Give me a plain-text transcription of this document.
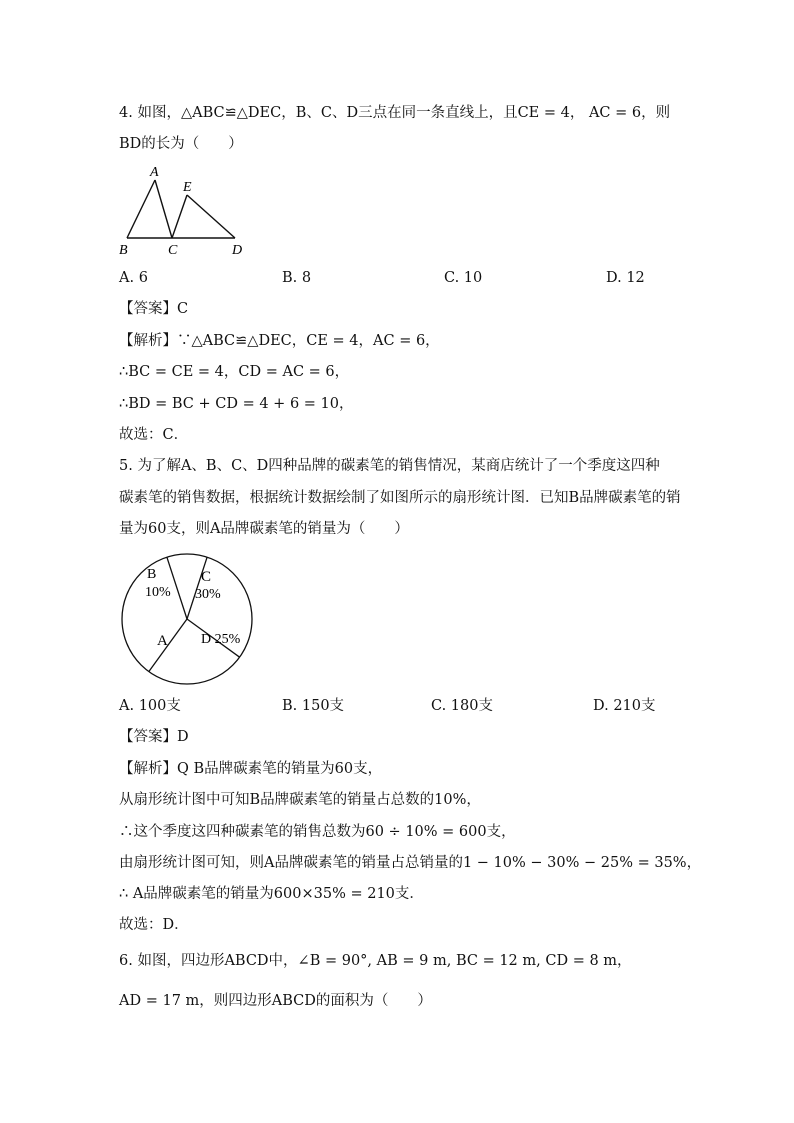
4. 如图，△ABC≌△DEC，B、C、D三点在同一条直线上，且CE = 4， AC = 6，则
BD的长为（　　）
A
E
B	C	D
A. 6	B. 8	C. 10	D. 12
【答案】C
【解析】∵△ABC≌△DEC，CE = 4，AC = 6，
∴BC = CE = 4，CD = AC = 6，
∴BD = BC + CD = 4 + 6 = 10，
故选：C．
5. 为了解A、B、C、D四种品牌的碳素笔的销售情况，某商店统计了一个季度这四种
碳素笔的销售数据，根据统计数据绘制了如图所示的扇形统计图．已知B品牌碳素笔的销
量为60支，则A品牌碳素笔的销量为（　　）
B
10%
C
30%
A D 25%
A. 100支	B. 150支	C. 180支	D. 210支
【答案】D
【解析】Q B品牌碳素笔的销量为60支，
从扇形统计图中可知B品牌碳素笔的销量占总数的10%，
∴这个季度这四种碳素笔的销售总数为60 ÷ 10% = 600支，
由扇形统计图可知，则A品牌碳素笔的销量占总销量的1 − 10% − 30% − 25% = 35%，
∴ A品牌碳素笔的销量为600×35% = 210支．
故选：D．
6. 如图，四边形ABCD中，∠B = 90°, AB = 9 m, BC = 12 m, CD = 8 m，
AD = 17 m，则四边形ABCD的面积为（　　）
